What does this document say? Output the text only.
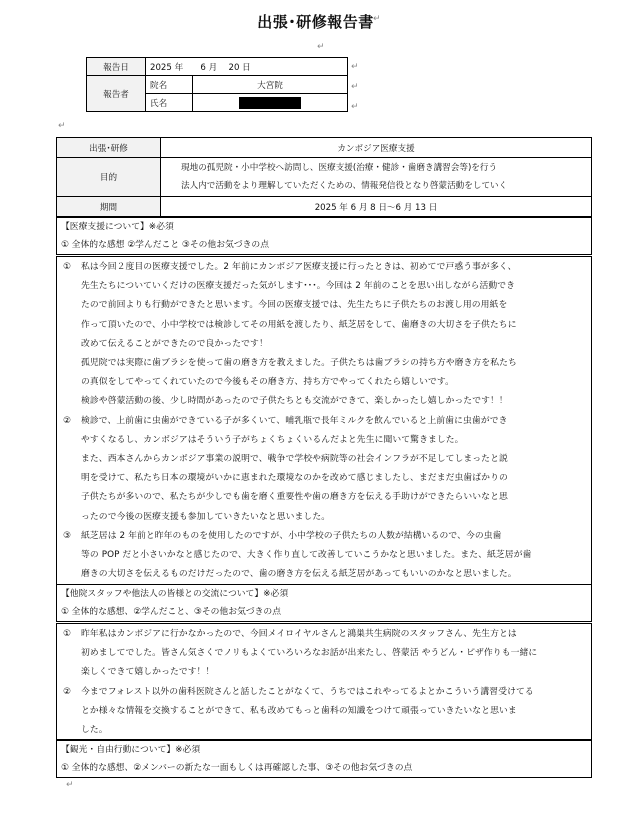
↵
↵
↵
↵
↵
↵
↵
出張･研修報告書
報告日	2025 年　　6 月　 20 日	
報告者	院名	大宮院
	氏名	
出張･研修	カンボジア医療支援
目的	現地の孤児院・小中学校へ訪問し、医療支援(治療・健診・歯磨き講習会等)を行う
法人内で活動をより理解していただくための、情報発信役となり啓蒙活動をしていく

期間	2025 年 6 月 8 日～6 月 13 日
【医療支援について】※必須
① 全体的な感想 ②学んだこと ③その他お気づきの点
①	私は今回２度目の医療支援でした。2 年前にカンボジア医療支援に行ったときは、初めてで戸惑う事が多く、
先生たちについていくだけの医療支援だった気がします･･･。今回は 2 年前のことを思い出しながら活動でき
たので前回よりも行動ができたと思います。今回の医療支援では、先生たちに子供たちのお渡し用の用紙を
作って頂いたので、小中学校では検診してその用紙を渡したり、紙芝居をして、歯磨きの大切さを子供たちに
改めて伝えることができたので良かったです！
孤児院では実際に歯ブラシを使って歯の磨き方を教えました。子供たちは歯ブラシの持ち方や磨き方を私たち
の真似をしてやってくれていたので今後もその磨き方、持ち方でやってくれたら嬉しいです。
検診や啓蒙活動の後、少し時間があったので子供たちとも交流ができて、楽しかったし嬉しかったです！！
②	検診で、上前歯に虫歯ができている子が多くいて、哺乳瓶で長年ミルクを飲んでいると上前歯に虫歯ができ
やすくなるし、カンボジアはそういう子がちょくちょくいるんだよと先生に聞いて驚きました。
また、西本さんからカンボジア事業の説明で、戦争で学校や病院等の社会インフラが不足してしまったと説
明を受けて、私たち日本の環境がいかに恵まれた環境なのかを改めて感じましたし、まだまだ虫歯ばかりの
子供たちが多いので、私たちが少しでも歯を磨く重要性や歯の磨き方を伝える手助けができたらいいなと思
ったので今後の医療支援も参加していきたいなと思いました。
③	紙芝居は 2 年前と昨年のものを使用したのですが、小中学校の子供たちの人数が結構いるので、今の虫歯
等の POP だと小さいかなと感じたので、大きく作り直して改善していこうかなと思いました。また、紙芝居が歯
磨きの大切さを伝えるものだけだったので、歯の磨き方を伝える紙芝居があってもいいのかなと思いました。
【他院スタッフや他法人の皆様との交流について】※必須
① 全体的な感想、②学んだこと、③その他お気づきの点
①	昨年私はカンボジアに行かなかったので、今回メイロイヤルさんと鴻巣共生病院のスタッフさん、先生方とは
初めましてでした。皆さん気さくでノリもよくていろいろなお話が出来たし、啓蒙活 やうどん・ピザ作りも一緒に
楽しくできて嬉しかったです！！
②	今までフォレスト以外の歯科医院さんと話したことがなくて、うちではこれやってるよとかこういう講習受けてる
とか様々な情報を交換することができて、私も改めてもっと歯科の知識をつけて頑張っていきたいなと思いま
した。
【観光・自由行動について】※必須
① 全体的な感想、②メンバーの新たな一面もしくは再確認した事、③その他お気づきの点
